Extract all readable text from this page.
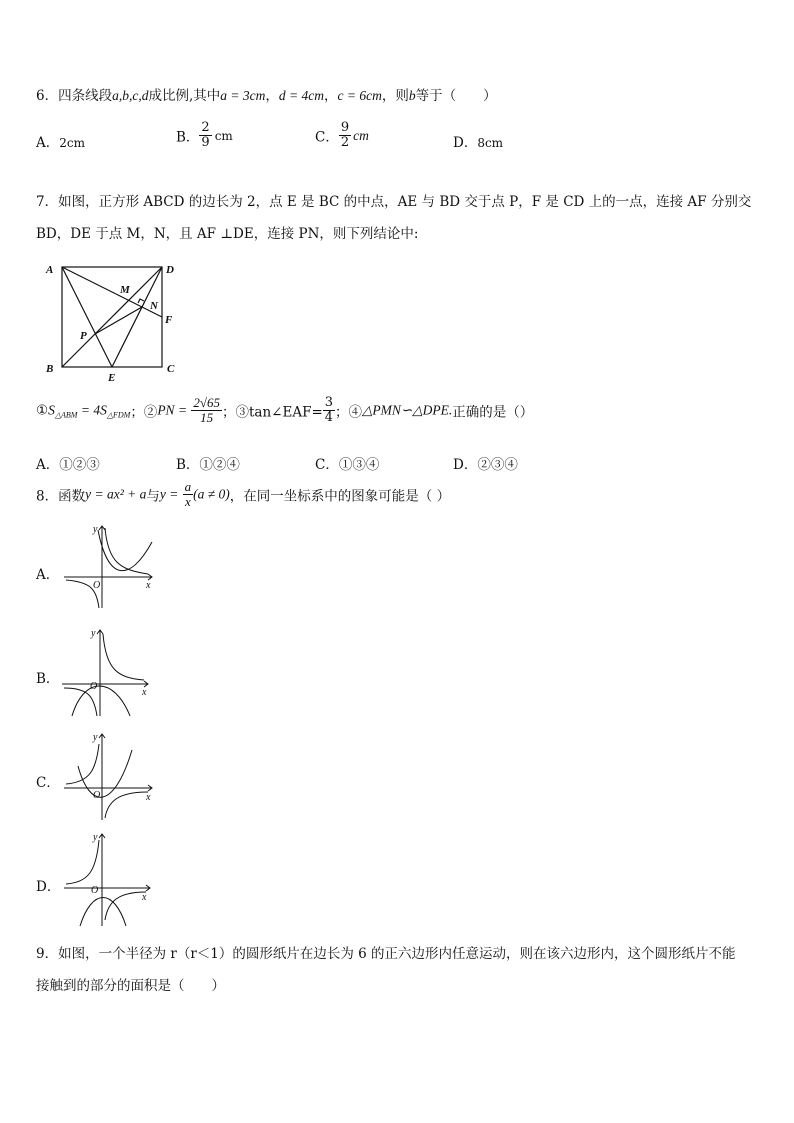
6．四条线段a,b,c,d成比例,其中a = 3cm，d = 4cm，c = 6cm，则b等于（　　）
A．2cm	B． $\frac{2}{9}$ cm	C． $\frac{9}{2}$ cm	D．8cm
7．如图，正方形 ABCD 的边长为 2，点 E 是 BC 的中点，AE 与 BD 交于点 P，F 是 CD 上的一点，连接 AF 分别交
BD，DE 于点 M，N，且 AF ⊥DE，连接 PN，则下列结论中:
A	D
B	C
E
F
M
N
P
$①S_{\triangle ABM} = 4S_{\triangle FDM}$；②PN = $\frac{2√65}{15}$ ；③tan∠EAF= $\frac{3}{4}$ ；④△PMN∽△DPE.正确的是（）
A．①②③	B．①②④	C．①③④	D．②③④
8．函数y = ax² + a与$y = \frac{a}{x} (a \ne 0)$，在同一坐标系中的图象可能是（ ）
A．
y
x
O
B．
y
x
O
C．
y
x
O
D．
y
x
O
9．如图，一个半径为 r（r＜1）的圆形纸片在边长为 6 的正六边形内任意运动，则在该六边形内，这个圆形纸片不能
接触到的部分的面积是（　　）
